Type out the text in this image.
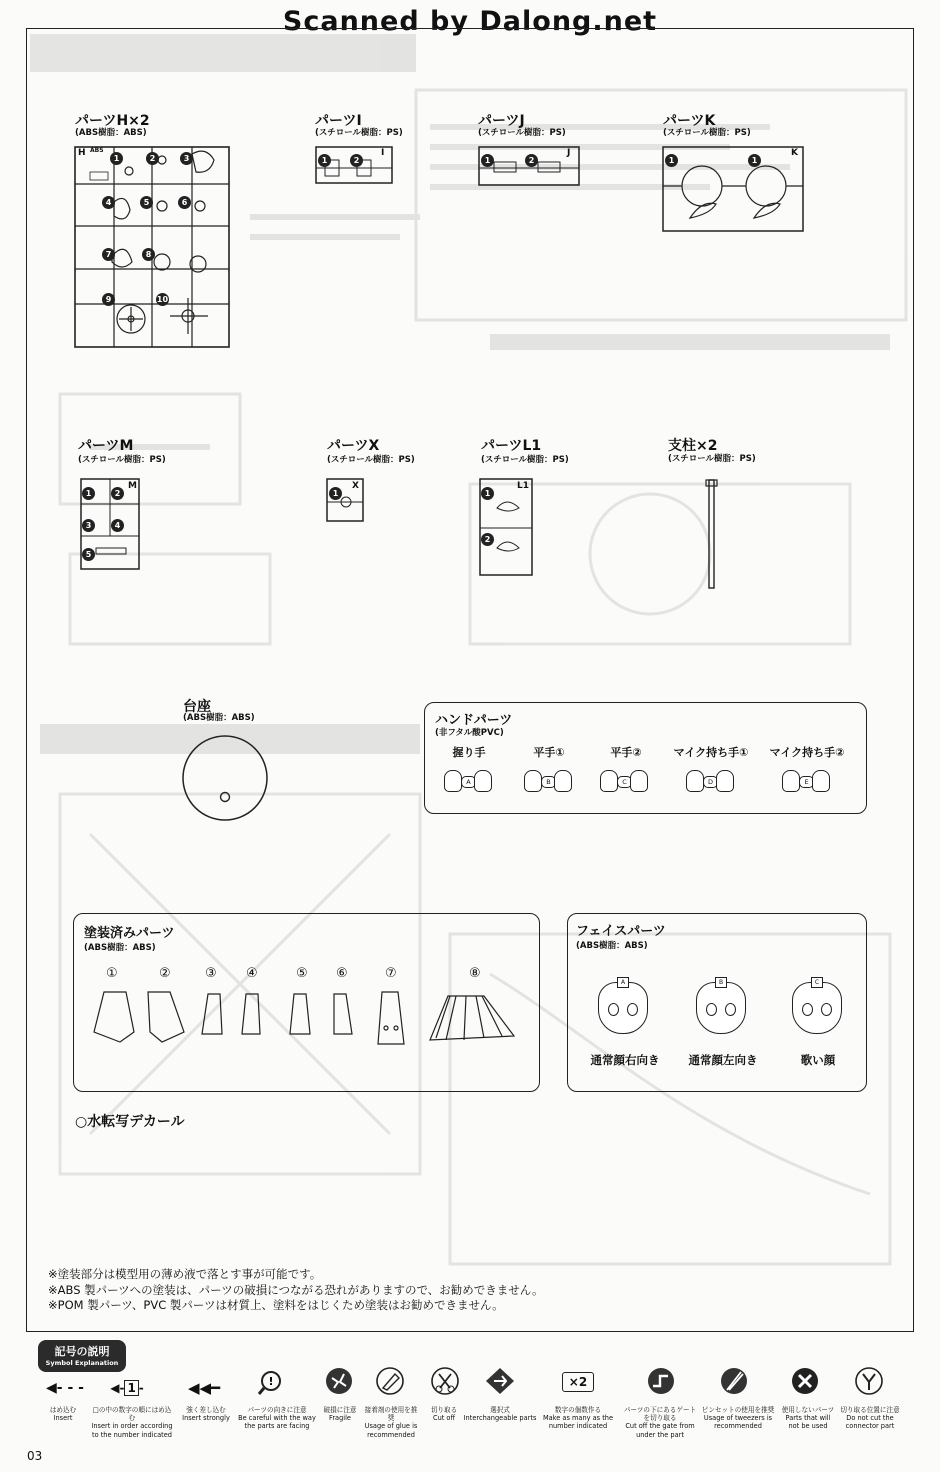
Scanned by Dalong.net
パーツH×2
(ABS樹脂：ABS)
H ABS
1	2	3
4	5	6
7	8
9	10
パーツI
(スチロール樹脂：PS)
1	2
I
パーツJ
(スチロール樹脂：PS)
1	2
J
パーツK
(スチロール樹脂：PS)
1	1
K
パーツM
(スチロール樹脂：PS)
1	2
3	4
5
M
パーツX
(スチロール樹脂：PS)
1
X
パーツL1
(スチロール樹脂：PS)
1
2
L1
支柱×2
(スチロール樹脂：PS)
台座
(ABS樹脂：ABS)	ハンドパーツ
(非フタル酸PVC)
握り手	平手①	平手②	マイク持ち手①	マイク持ち手②
A	B	C	D	E
塗装済みパーツ
(ABS樹脂：ABS)
①	②	③ ④	⑤ ⑥	⑦	⑧
フェイスパーツ
(ABS樹脂：ABS)
A	B	C
通常顔右向き	通常顔左向き	歌い顔
○水転写デカール
※塗装部分は模型用の薄め液で落とす事が可能です。
※ABS 製パーツへの塗装は、パーツの破損につながる恐れがありますので、お勧めできません。
※POM 製パーツ、PVC 製パーツは材質上、塗料をはじくため塗装はお勧めできません。
記号の説明
Symbol Explanation
◀- - -	◀- 1 -	◀◀━	!	×2
はめ込む
Insert
□の中の数字の順にはめ込む
Insert in order according to the number indicated
強く差し込む
Insert strongly
パーツの向きに注意
Be careful with the way the parts are facing
破損に注意
Fragile
接着剤の使用を推奨
Usage of glue is recommended
切り取る
Cut off
選択式
Interchangeable parts
数字の個数作る
Make as many as the number indicated
パーツの下にあるゲートを切り取る
Cut off the gate from under the part
ピンセットの使用を推奨
Usage of tweezers is recommended
使用しないパーツ
Parts that will not be used
切り取る位置に注意
Do not cut the connector part
03
